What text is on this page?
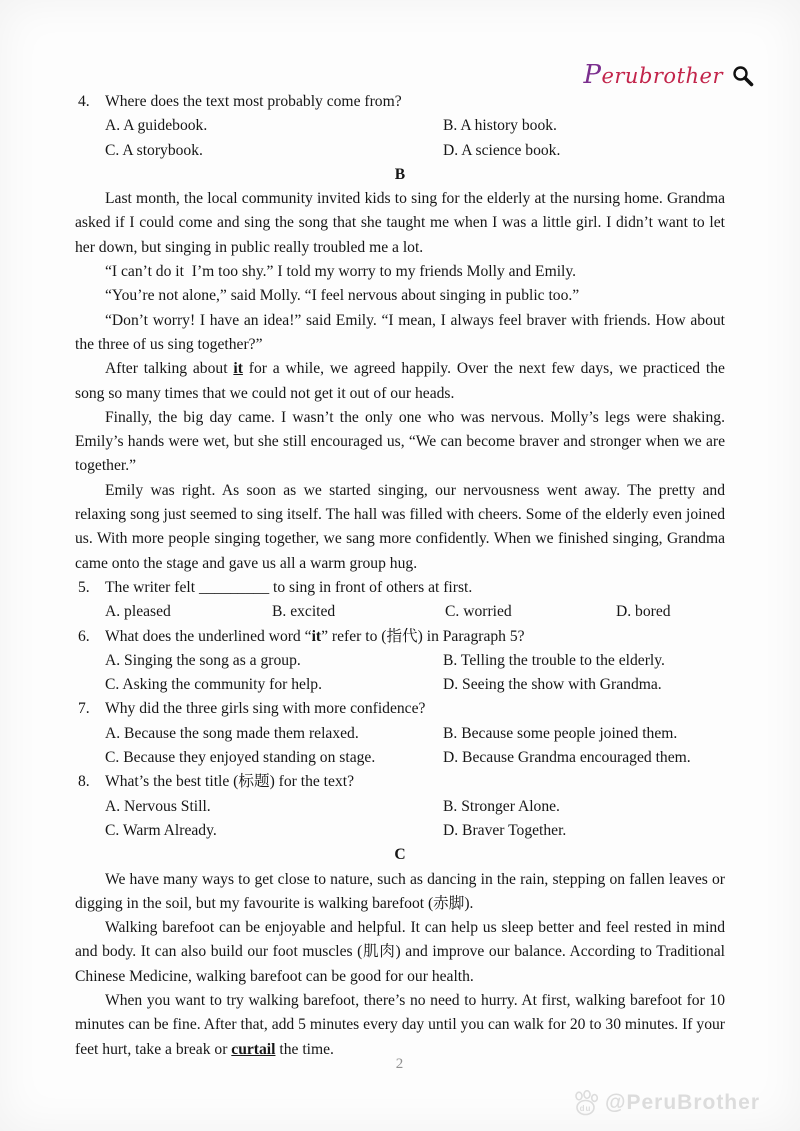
Perubrother
4. Where does the text most probably come from?
A. A guidebook.	B. A history book.
C. A storybook.	D. A science book.
B
Last month, the local community invited kids to sing for the elderly at the nursing home. Grandma asked if I could come and sing the song that she taught me when I was a little girl. I didn’t want to let her down, but singing in public really troubled me a lot.
“I can’t do it I’m too shy.” I told my worry to my friends Molly and Emily.
“You’re not alone,” said Molly. “I feel nervous about singing in public too.”
“Don’t worry! I have an idea!” said Emily. “I mean, I always feel braver with friends. How about the three of us sing together?”
After talking about it for a while, we agreed happily. Over the next few days, we practiced the song so many times that we could not get it out of our heads.
Finally, the big day came. I wasn’t the only one who was nervous. Molly’s legs were shaking. Emily’s hands were wet, but she still encouraged us, “We can become braver and stronger when we are together.”
Emily was right. As soon as we started singing, our nervousness went away. The pretty and relaxing song just seemed to sing itself. The hall was filled with cheers. Some of the elderly even joined us. With more people singing together, we sang more confidently. When we finished singing, Grandma came onto the stage and gave us all a warm group hug.
5. The writer felt _________ to sing in front of others at first.
A. pleased	B. excited	C. worried	D. bored
6. What does the underlined word “it” refer to (指代) in Paragraph 5?
A. Singing the song as a group.	B. Telling the trouble to the elderly.
C. Asking the community for help.	D. Seeing the show with Grandma.
7. Why did the three girls sing with more confidence?
A. Because the song made them relaxed.	B. Because some people joined them.
C. Because they enjoyed standing on stage.	D. Because Grandma encouraged them.
8. What’s the best title (标题) for the text?
A. Nervous Still.	B. Stronger Alone.
C. Warm Already.	D. Braver Together.
C
We have many ways to get close to nature, such as dancing in the rain, stepping on fallen leaves or digging in the soil, but my favourite is walking barefoot (赤脚).
Walking barefoot can be enjoyable and helpful. It can help us sleep better and feel rested in mind and body. It can also build our foot muscles (肌肉) and improve our balance. According to Traditional Chinese Medicine, walking barefoot can be good for our health.
When you want to try walking barefoot, there’s no need to hurry. At first, walking barefoot for 10 minutes can be fine. After that, add 5 minutes every day until you can walk for 20 to 30 minutes. If your feet hurt, take a break or curtail the time.
2
du @PeruBrother
